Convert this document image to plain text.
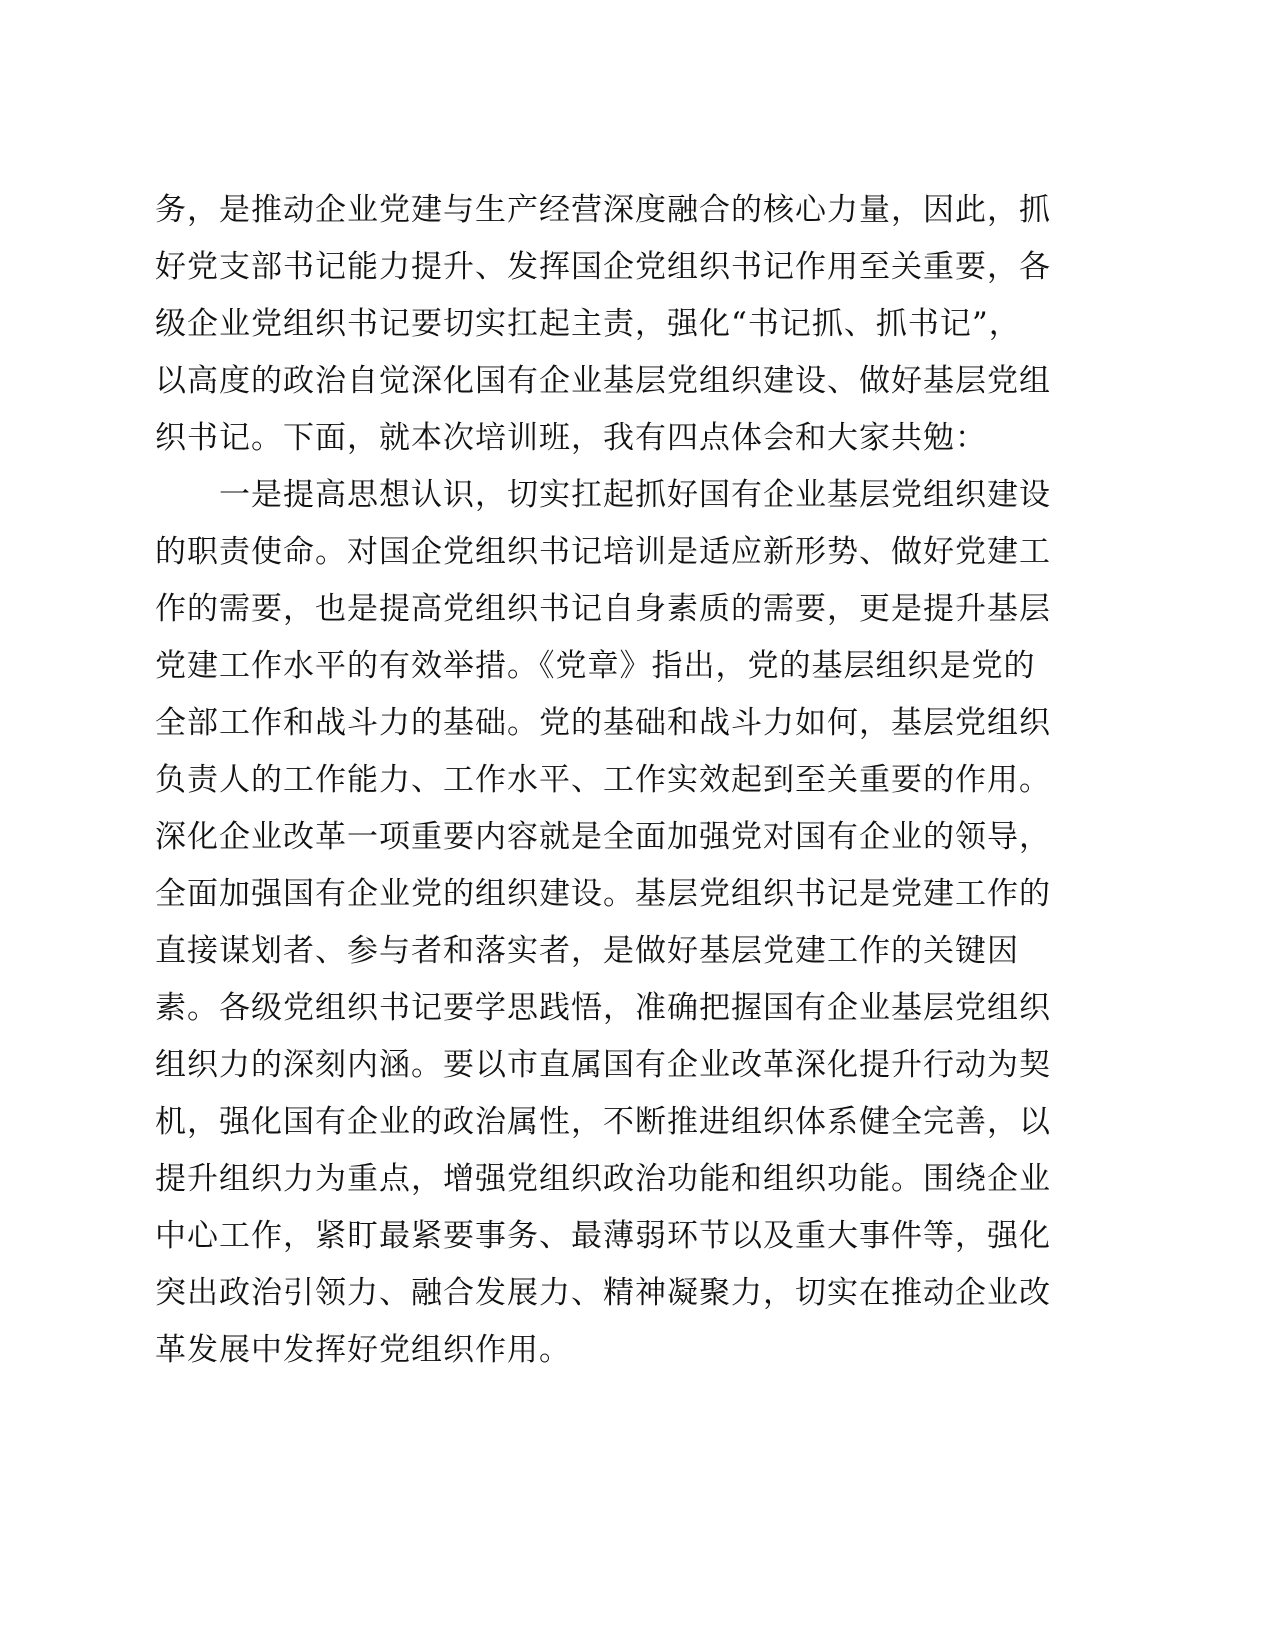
务，是推动企业党建与生产经营深度融合的核心力量，因此，抓
好党支部书记能力提升、发挥国企党组织书记作用至关重要，各
级企业党组织书记要切实扛起主责，强化“书记抓、抓书记”，
以高度的政治自觉深化国有企业基层党组织建设、做好基层党组
织书记。下面，就本次培训班，我有四点体会和大家共勉：
　　一是提高思想认识，切实扛起抓好国有企业基层党组织建设
的职责使命。对国企党组织书记培训是适应新形势、做好党建工
作的需要，也是提高党组织书记自身素质的需要，更是提升基层
党建工作水平的有效举措。《党章》指出，党的基层组织是党的
全部工作和战斗力的基础。党的基础和战斗力如何，基层党组织
负责人的工作能力、工作水平、工作实效起到至关重要的作用。
深化企业改革一项重要内容就是全面加强党对国有企业的领导，
全面加强国有企业党的组织建设。基层党组织书记是党建工作的
直接谋划者、参与者和落实者，是做好基层党建工作的关键因
素。各级党组织书记要学思践悟，准确把握国有企业基层党组织
组织力的深刻内涵。要以市直属国有企业改革深化提升行动为契
机，强化国有企业的政治属性，不断推进组织体系健全完善，以
提升组织力为重点，增强党组织政治功能和组织功能。围绕企业
中心工作，紧盯最紧要事务、最薄弱环节以及重大事件等，强化
突出政治引领力、融合发展力、精神凝聚力，切实在推动企业改
革发展中发挥好党组织作用。
